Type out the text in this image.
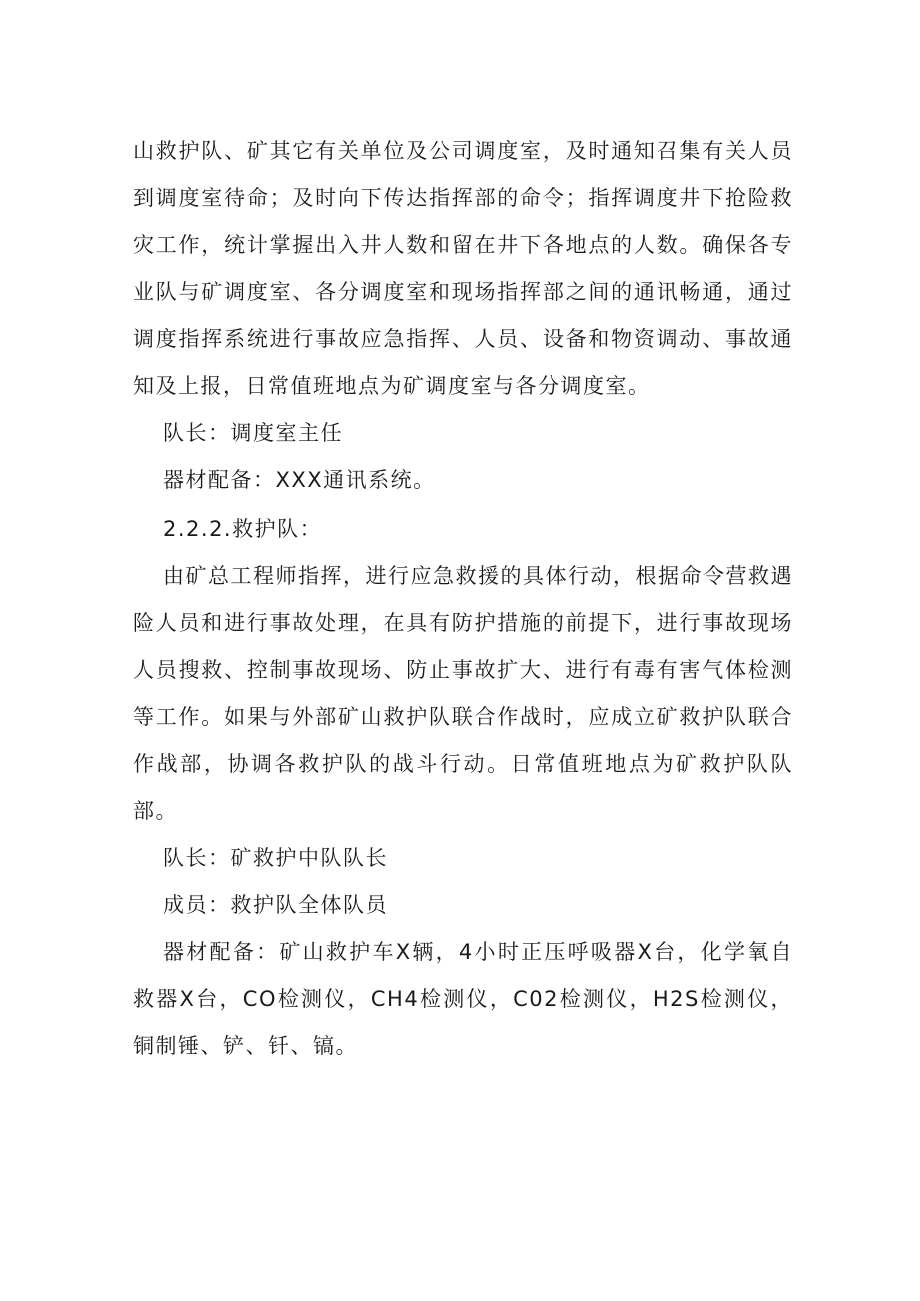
山救护队、矿其它有关单位及公司调度室，及时通知召集有关人员到调度室待命；及时向下传达指挥部的命令；指挥调度井下抢险救灾工作，统计掌握出入井人数和留在井下各地点的人数。确保各专业队与矿调度室、各分调度室和现场指挥部之间的通讯畅通，通过调度指挥系统进行事故应急指挥、人员、设备和物资调动、事故通知及上报，日常值班地点为矿调度室与各分调度室。

队长：调度室主任

器材配备：XXX通讯系统。

2.2.2.救护队：

由矿总工程师指挥，进行应急救援的具体行动，根据命令营救遇险人员和进行事故处理，在具有防护措施的前提下，进行事故现场人员搜救、控制事故现场、防止事故扩大、进行有毒有害气体检测等工作。如果与外部矿山救护队联合作战时，应成立矿救护队联合作战部，协调各救护队的战斗行动。日常值班地点为矿救护队队部。

队长：矿救护中队队长

成员：救护队全体队员

器材配备：矿山救护车X辆，4小时正压呼吸器X台，化学氧自救器X台，CO检测仪，CH4检测仪，C02检测仪，H2S检测仪，铜制锤、铲、钎、镐。
